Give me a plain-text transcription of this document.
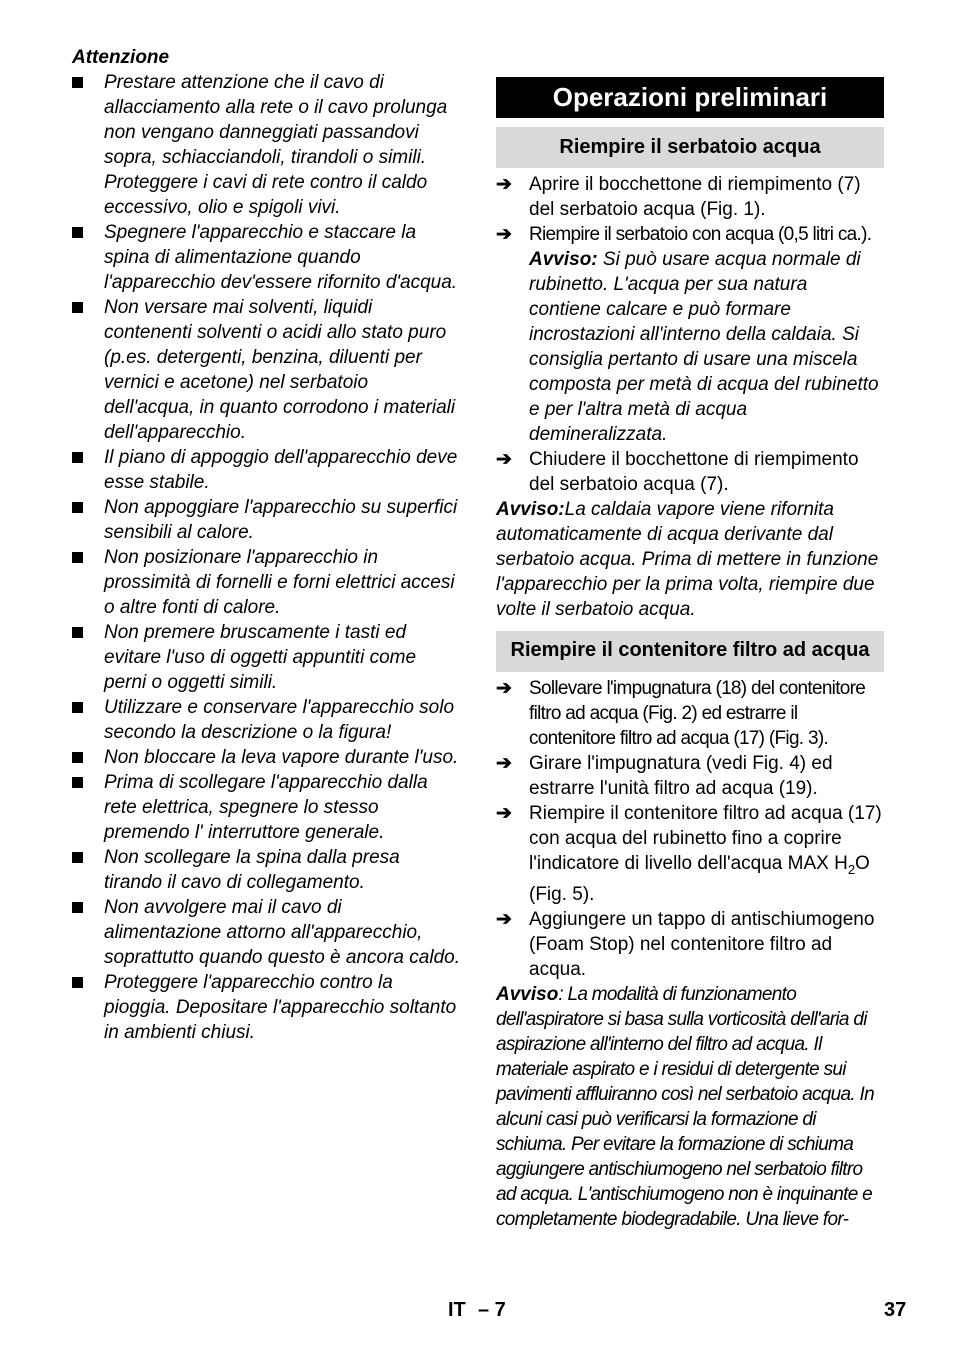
Attenzione

Prestare attenzione che il cavo di allacciamento alla rete o il cavo prolunga non vengano danneggiati passandovi sopra, schiacciandoli, tirandoli o simili. Proteggere i cavi di rete contro il caldo eccessivo, olio e spigoli vivi.
Spegnere l'apparecchio e staccare la spina di alimentazione quando l'apparecchio dev'essere rifornito d'acqua.
Non versare mai solventi, liquidi contenenti solventi o acidi allo stato puro (p.es. detergenti, benzina, diluenti per vernici e acetone) nel serbatoio dell'acqua, in quanto corrodono i materiali dell'apparecchio.
Il piano di appoggio dell'apparecchio deve esse stabile.
Non appoggiare l'apparecchio su superfici sensibili al calore.
Non posizionare l'apparecchio in prossimità di fornelli e forni elettrici accesi o altre fonti di calore.
Non premere bruscamente i tasti ed evitare l'uso di oggetti appuntiti come perni o oggetti simili.
Utilizzare e conservare l'apparecchio solo secondo la descrizione o la figura!
Non bloccare la leva vapore durante l'uso.
Prima di scollegare l'apparecchio dalla rete elettrica, spegnere lo stesso premendo l' interruttore generale.
Non scollegare la spina dalla presa tirando il cavo di collegamento.
Non avvolgere mai il cavo di alimentazione attorno all'apparecchio, soprattutto quando questo è ancora caldo.
Proteggere l'apparecchio contro la pioggia. Depositare l'apparecchio soltanto in ambienti chiusi.
Operazioni preliminari
Riempire il serbatoio acqua
➔ Aprire il bocchettone di riempimento (7) del serbatoio acqua (Fig. 1).
➔ Riempire il serbatoio con acqua (0,5 litri ca.).
Avviso: Si può usare acqua normale di rubinetto. L'acqua per sua natura contiene calcare e può formare incrostazioni all'interno della caldaia. Si consiglia pertanto di usare una miscela composta per metà di acqua del rubinetto e per l'altra metà di acqua demineralizzata.
➔ Chiudere il bocchettone di riempimento del serbatoio acqua (7).

Avviso:La caldaia vapore viene rifornita automaticamente di acqua derivante dal serbatoio acqua. Prima di mettere in funzione l'apparecchio per la prima volta, riempire due volte il serbatoio acqua.

Riempire il contenitore filtro ad acqua
➔ Sollevare l'impugnatura (18) del contenitore filtro ad acqua (Fig. 2) ed estrarre il contenitore filtro ad acqua (17) (Fig. 3).
➔ Girare l'impugnatura (vedi Fig. 4) ed estrarre l'unità filtro ad acqua (19).
➔ Riempire il contenitore filtro ad acqua (17) con acqua del rubinetto fino a coprire l'indicatore di livello dell'acqua MAX $H_2O$ (Fig. 5).
➔ Aggiungere un tappo di antischiumogeno (Foam Stop) nel contenitore filtro ad acqua.

Avviso: La modalità di funzionamento dell'aspiratore si basa sulla vorticosità dell'aria di aspirazione all'interno del filtro ad acqua. Il materiale aspirato e i residui di detergente sui pavimenti affluiranno così nel serbatoio acqua. In alcuni casi può verificarsi la formazione di schiuma. Per evitare la formazione di schiuma aggiungere antischiumogeno nel serbatoio filtro ad acqua. L'antischiumogeno non è inquinante e completamente biodegradabile. Una lieve for-

IT – 7	37
